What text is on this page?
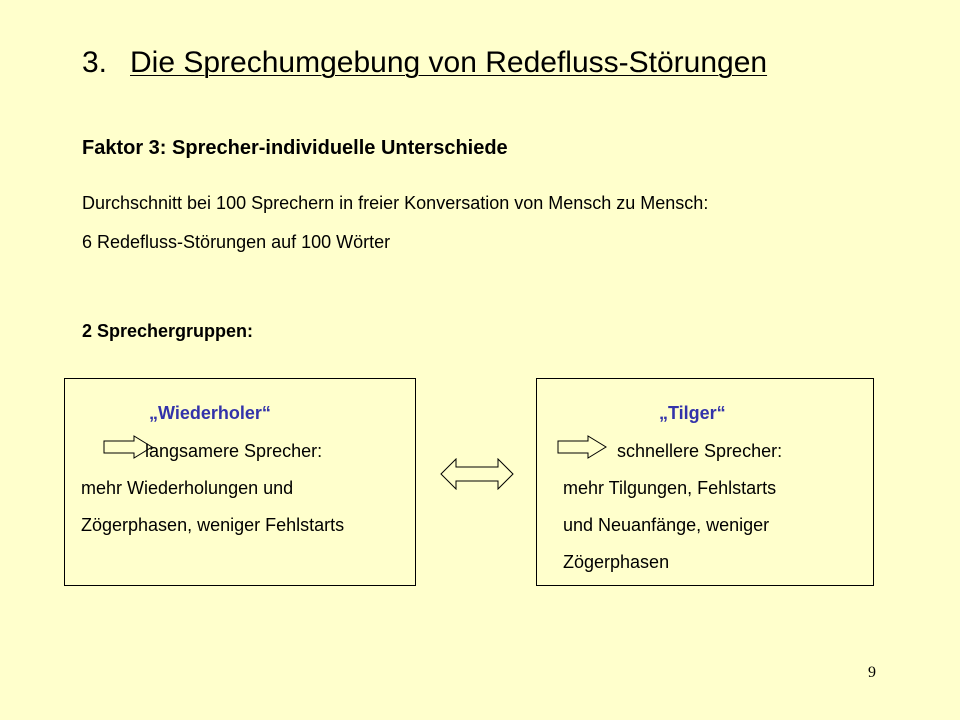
3. Die Sprechumgebung von Redefluss-Störungen
Faktor 3: Sprecher-individuelle Unterschiede
Durchschnitt bei 100 Sprechern in freier Konversation von Mensch zu Mensch:
6 Redefluss-Störungen auf 100 Wörter
2 Sprechergruppen:
„Wiederholer“
langsamere Sprecher:
mehr Wiederholungen und
Zögerphasen, weniger Fehlstarts
„Tilger“
schnellere Sprecher:
mehr Tilgungen, Fehlstarts
und Neuanfänge, weniger
Zögerphasen
9
